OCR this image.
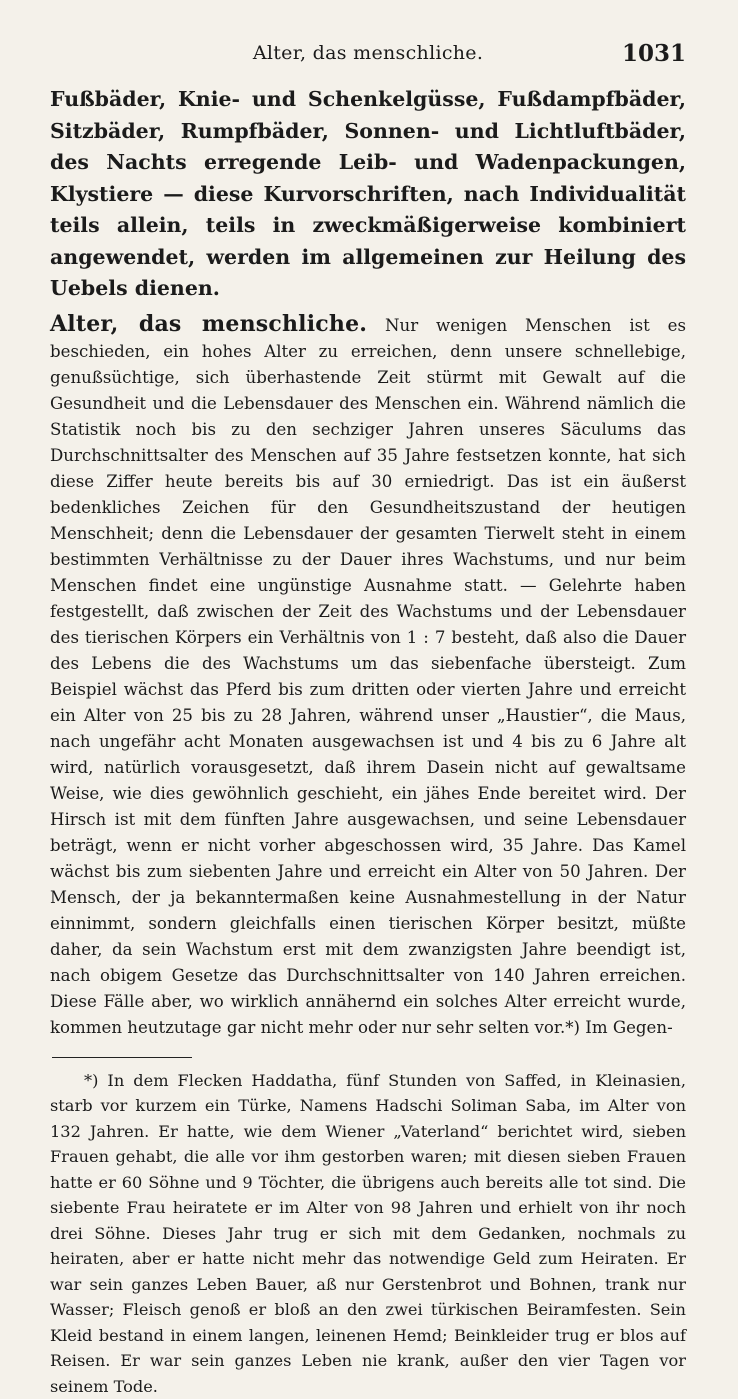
Alter, das menschliche.	1031

Fußbäder, Knie- und Schenkelgüsse, Fußdampfbäder, Sitzbäder, Rumpfbäder, Sonnen- und Lichtluftbäder, des Nachts erregende Leib- und Wadenpackungen, Klystiere — diese Kurvorschriften, nach Individualität teils allein, teils in zweckmäßigerweise kombiniert angewendet, werden im allgemeinen zur Heilung des Uebels dienen.

Alter, das menschliche. Nur wenigen Menschen ist es beschieden, ein hohes Alter zu erreichen, denn unsere schnellebige, genußsüchtige, sich überhastende Zeit stürmt mit Gewalt auf die Gesundheit und die Lebensdauer des Menschen ein. Während nämlich die Statistik noch bis zu den sechziger Jahren unseres Säculums das Durchschnittsalter des Menschen auf 35 Jahre festsetzen konnte, hat sich diese Ziffer heute bereits bis auf 30 erniedrigt. Das ist ein äußerst bedenkliches Zeichen für den Gesundheitszustand der heutigen Menschheit; denn die Lebensdauer der gesamten Tierwelt steht in einem bestimmten Verhältnisse zu der Dauer ihres Wachstums, und nur beim Menschen findet eine ungünstige Ausnahme statt. — Gelehrte haben festgestellt, daß zwischen der Zeit des Wachstums und der Lebensdauer des tierischen Körpers ein Verhältnis von 1 : 7 besteht, daß also die Dauer des Lebens die des Wachstums um das siebenfache übersteigt. Zum Beispiel wächst das Pferd bis zum dritten oder vierten Jahre und erreicht ein Alter von 25 bis zu 28 Jahren, während unser „Haustier“, die Maus, nach ungefähr acht Monaten ausgewachsen ist und 4 bis zu 6 Jahre alt wird, natürlich vorausgesetzt, daß ihrem Dasein nicht auf gewaltsame Weise, wie dies gewöhnlich geschieht, ein jähes Ende bereitet wird. Der Hirsch ist mit dem fünften Jahre ausgewachsen, und seine Lebensdauer beträgt, wenn er nicht vorher abgeschossen wird, 35 Jahre. Das Kamel wächst bis zum siebenten Jahre und erreicht ein Alter von 50 Jahren. Der Mensch, der ja bekanntermaßen keine Ausnahmestellung in der Natur einnimmt, sondern gleichfalls einen tierischen Körper besitzt, müßte daher, da sein Wachstum erst mit dem zwanzigsten Jahre beendigt ist, nach obigem Gesetze das Durchschnittsalter von 140 Jahren erreichen. Diese Fälle aber, wo wirklich annähernd ein solches Alter erreicht wurde, kommen heutzutage gar nicht mehr oder nur sehr selten vor.*) Im Gegen-

*) In dem Flecken Haddatha, fünf Stunden von Saffed, in Kleinasien, starb vor kurzem ein Türke, Namens Hadschi Soliman Saba, im Alter von 132 Jahren. Er hatte, wie dem Wiener „Vaterland“ berichtet wird, sieben Frauen gehabt, die alle vor ihm gestorben waren; mit diesen sieben Frauen hatte er 60 Söhne und 9 Töchter, die übrigens auch bereits alle tot sind. Die siebente Frau heiratete er im Alter von 98 Jahren und erhielt von ihr noch drei Söhne. Dieses Jahr trug er sich mit dem Gedanken, nochmals zu heiraten, aber er hatte nicht mehr das notwendige Geld zum Heiraten. Er war sein ganzes Leben Bauer, aß nur Gerstenbrot und Bohnen, trank nur Wasser; Fleisch genoß er bloß an den zwei türkischen Beiramfesten. Sein Kleid bestand in einem langen, leinenen Hemd; Beinkleider trug er blos auf Reisen. Er war sein ganzes Leben nie krank, außer den vier Tagen vor seinem Tode.
